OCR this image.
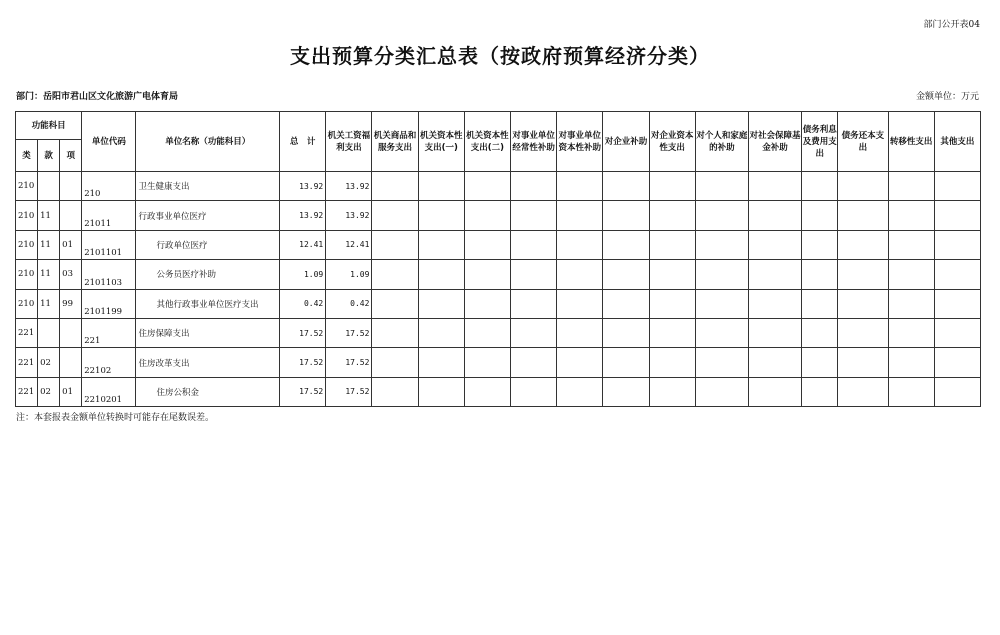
部门公开表04
支出预算分类汇总表（按政府预算经济分类）
部门：岳阳市君山区文化旅游广电体育局	金额单位：万元
功能科目			单位代码	单位名称（功能科目）	总　计	机关工资福利支出	机关商品和服务支出	机关资本性支出(一)	机关资本性支出(二)	对事业单位经常性补助	对事业单位资本性补助	对企业补助	对企业资本性支出	对个人和家庭的补助	对社会保障基金补助	债务利息及费用支出	债务还本支出	转移性支出	其他支出
类	款	项																	
210			210	卫生健康支出	13.92	13.92													
210	11		21011	行政事业单位医疗	13.92	13.92													
210	11	01	2101101	行政单位医疗	12.41	12.41													
210	11	03	2101103	公务员医疗补助	1.09	1.09													
210	11	99	2101199	其他行政事业单位医疗支出	0.42	0.42													
221			221	住房保障支出	17.52	17.52													
221	02		22102	住房改革支出	17.52	17.52													
221	02	01	2210201	住房公积金	17.52	17.52													
注：本套报表金额单位转换时可能存在尾数误差。
